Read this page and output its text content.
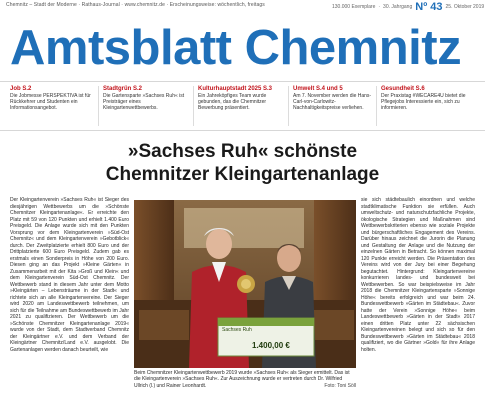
Chemnitz – Stadt der Moderne · Rathaus-Journal · www.chemnitz.de · Erscheinungsweise: wöchentlich, freitags	130.000 Exemplare · 30. Jahrgang Nº 43 25. Oktober 2019
Amtsblatt Chemnitz
Job S.2
Die Jobmesse PERSPEKTIVA ist für Rückkehrer und Studenten ein Informationsangebot.
Stadtgrün S.2
Die Gartensparte »Sachses Ruh« ist Preisträger eines Kleingartenwettbewerbs.
Kulturhauptstadt 2025 S.3
Ein Jahreköpfiges Team wurde gebunden, das die Chemnitzer Bewerbung präsentiert.
Umwelt S.4 und 5
Am 7. November werden die Hans-Carl-von-Carlowitz-Nachhaltigkeitspreise verliehen.
Gesundheit S.6
Der Praxistag #WECARE4U bietet die Pflegejobs Interessierte ein, sich zu informieren.
»Sachses Ruh« schönste
Chemnitzer Kleingartenanlage

Der Kleingartenverein »Sachses Ruh« ist Sieger des diesjährigen Wettbewerbs um die »Schönste Chemnitzer Kleingartenanlage«. Er erreichte den Platz mit 59 von 120 Punkten und erhielt 1.400 Euro Preisgeld. Die Anlage wurde sich mit den Punkten Vorsprung vor dem Kleingartenverein »Süd-Ost Chemnitz« und dem Kleingartenverein »Gebotblick« durch. Der Zweitplatzierte erhielt 800 Euro und der Drittplatzierte 600 Euro Preisgeld. Zudem gab es erstmals einen Sonderpreis in Höhe von 200 Euro. Diesen ging an das Projekt »Kleine Gärten« in Zusammenarbeit mit der Kita »Groß und Klein« und dem Kleingartenverein Süd-Ost Chemnitz. Der Wettbewerb stand in diesem Jahr unter dem Motto »Kleingärten – Lebensträume in der Stadt« und richtete sich an alle Kleingartenvereine. Der Sieger wird 2020 am Landeswettbewerb teilnehmen, um sich für die Teilnahme am Bundeswettbewerb im Jahr 2021 zu qualifizieren. Der Wettbewerb um die »Schönste Chemnitzer Kleingartenanlage 2019« wurde von der Stadt, dem Stadtverband Chemnitz der Kleingärtner e.V. und dem Verband der Kleingärtner Chemnitz/Land e.V. ausgelobt. Die Gartenanlagen werden danach beurteilt, wie

Sachses Ruh
1.400,00 €
Beim Chemnitzer Kleingartenwettbewerb 2019 wurde »Sachses Ruh« als Sieger ermittelt. Das ist die Kleingartenverein »Sachses Ruh«. Zur Auszeichnung wurde er vertreten durch Dr. Wilfried Ullrich (l.) und Rainer Leonhardt.	Foto: Toni Söll

sie sich städtebaulich einordnen und welche stadtklimatische Funktion sie erfüllen. Auch umweltschutz- und naturschutzfachliche Projekte, ökologische Strategien und Maßnahmen sind Wettbewerbskriterien ebenso wie soziale Projekte und bürgerschaftliches Engagement des Vereins. Darüber hinaus zeichnet die Jurorin die Planung und Gestaltung der Anlage und die Nutzung der einzelnen Gärten in Betracht. So können maximal 120 Punkte erreicht werden. Die Präsentation des Vereins wird von der Jury bei einer Begehung begutachtet. Hintergrund: Kleingartenvereine konkurrieren landes- und bundesweit bei Wettbewerben. So war beispielsweise im Jahr 2018 die Chemnitzer Kleingartensparte »Sonnige Höhe« bereits erfolgreich und war beim 24. Bundeswettbewerb »Gärten im Städtebau«. Zuvor hatte der Verein »Sonnige Höhe« beim Landeswettbewerb »Gärten in der Stadt« 2017 einen dritten Platz unter 22 sächsischen Kleingartenvereinen belegt und sich so für den Bundeswettbewerb »Gärten im Städtebau« 2018 qualifiziert, wo die Gärtner »Gold« für ihre Anlage holten.
